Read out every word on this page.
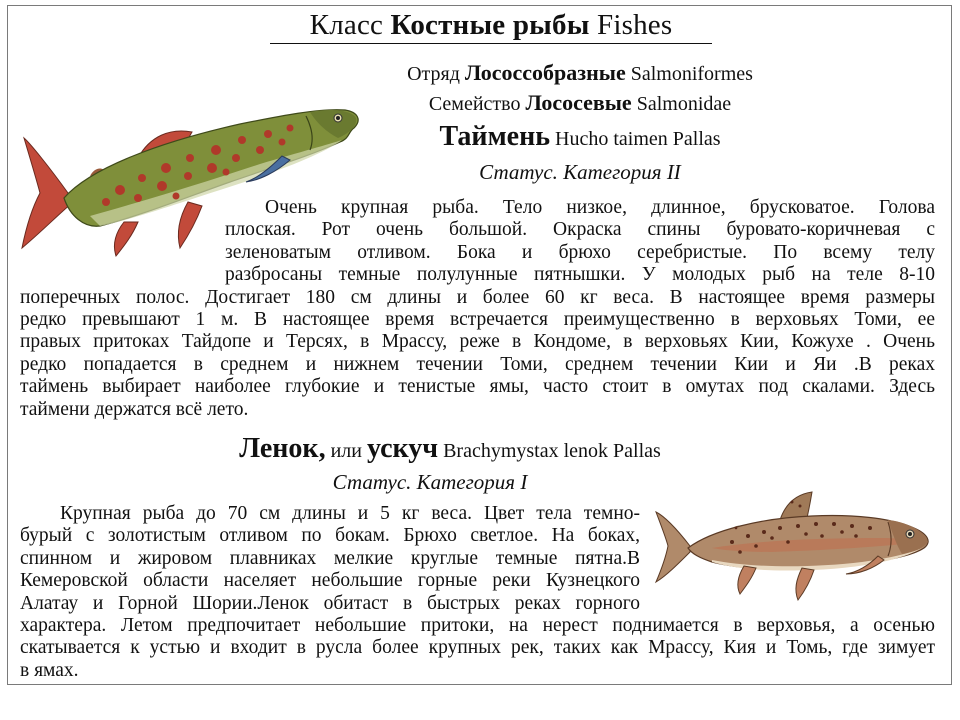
Класс Костные рыбы Fishes
Отряд Лососсобразные Salmoniformes
Семейство Лососевые Salmonidae
Таймень Hucho taimen Pallas
Статус. Категория II
Очень крупная рыба. Тело низкое, длинное, брусковатое. Голова
плоская. Рот очень большой. Окраска спины буровато-коричневая с
зеленоватым отливом. Бока и брюхо серебристые. По всему телу
разбросаны темные полулунные пятнышки. У молодых рыб на теле 8-10
поперечных полос. Достигает 180 см длины и более 60 кг веса. В настоящее время размеры
редко превышают 1 м. В настоящее время встречается преимущественно в верховьях Томи, ее
правых притоках Тайдопе и Терсях, в Мрассу, реже в Кондоме, в верховьях Кии, Кожухе . Очень
редко попадается в среднем и нижнем течении Томи, среднем течении Кии и Яи .В реках
таймень выбирает наиболее глубокие и тенистые ямы, часто стоит в омутах под скалами. Здесь
таймени держатся всё лето.
Ленок, или ускуч Brachymystax lenok Pallas
Статус. Категория I
Крупная рыба до 70 см длины и 5 кг веса. Цвет тела темно-
бурый с золотистым отливом по бокам. Брюхо светлое. На боках,
спинном и жировом плавниках мелкие круглые темные пятна.В
Кемеровской области населяет небольшие горные реки Кузнецкого
Алатау и Горной Шории.Ленок обитаст в быстрых реках горного
характера. Летом предпочитает небольшие притоки, на нерест поднимается в верховья, а осенью
скатывается к устью и входит в русла более крупных рек, таких как Мрассу, Кия и Томь, где зимует
в ямах.
